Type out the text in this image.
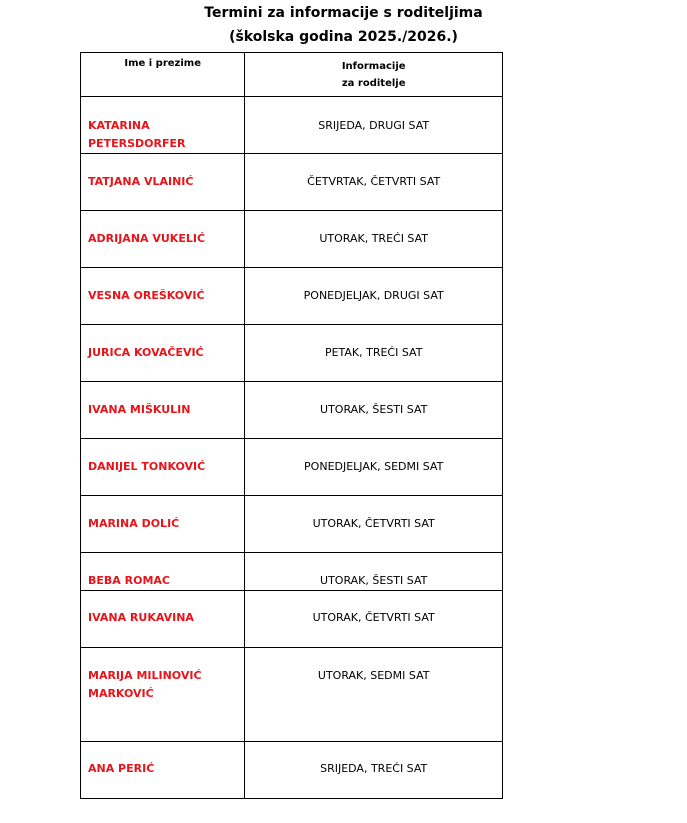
Termini za informacije s roditeljima
(školska godina 2025./2026.)
Ime i prezime	Informacije
za roditelje

KATARINA PETERSDORFER	SRIJEDA, DRUGI SAT
TATJANA VLAINIĆ	ČETVRTAK, ČETVRTI SAT
ADRIJANA VUKELIĆ	UTORAK, TREĆI SAT
VESNA OREŠKOVIĆ	PONEDJELJAK, DRUGI SAT
JURICA KOVAČEVIĆ	PETAK, TREĆI SAT
IVANA MIŠKULIN	UTORAK, ŠESTI SAT
DANIJEL TONKOVIĆ	PONEDJELJAK, SEDMI SAT
MARINA DOLIĆ	UTORAK, ČETVRTI SAT
BEBA ROMAC	UTORAK, ŠESTI SAT
IVANA RUKAVINA	UTORAK, ČETVRTI SAT
MARIJA MILINOVIĆ MARKOVIĆ	UTORAK, SEDMI SAT
ANA PERIĆ	SRIJEDA, TREĆI SAT
